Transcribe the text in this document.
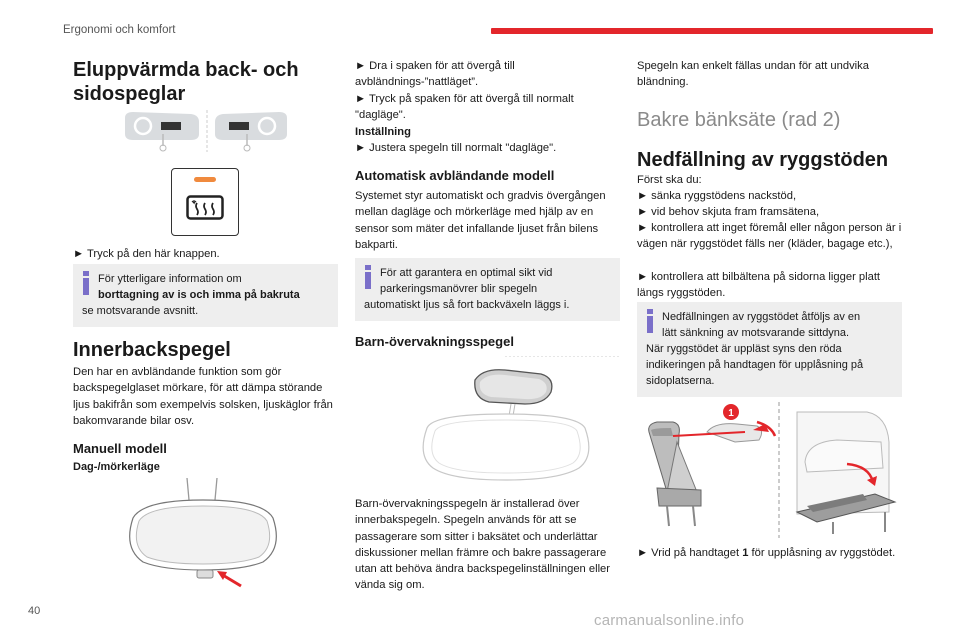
Ergonomi och komfort
40
carmanualsonline.info
Eluppvärmda back- och sidospeglar

► Tryck på den här knappen.

För ytterligare information om
borttagning av is och imma på bakruta
se motsvarande avsnitt.
Innerbackspegel

Den har en avbländande funktion som gör backspegelglaset mörkare, för att dämpa störande ljus bakifrån som exempelvis solsken, ljuskäglor från bakomvarande bilar osv.

Manuell modell

Dag-/mörkerläge

► Dra i spaken för att övergå till avbländnings-”nattläget”.

► Tryck på spaken för att övergå till normalt "dagläge".

Inställning

► Justera spegeln till normalt "dagläge".

Automatisk avbländande modell

Systemet styr automatiskt och gradvis övergången mellan dagläge och mörkerläge med hjälp av en sensor som mäter det infallande ljuset från bilens bakparti.

För att garantera en optimal sikt vid
parkeringsmanövrer blir spegeln
automatiskt ljus så fort backväxeln läggs i.
Barn-övervakningsspegel

Barn-övervakningsspegeln är installerad över innerbakspegeln. Spegeln används för att se passagerare som sitter i baksätet och underlättar diskussioner mellan främre och bakre passagerare utan att behöva ändra backspegelinställningen eller vända sig om.

Spegeln kan enkelt fällas undan för att undvika bländning.

Bakre bänksäte (rad 2)
Nedfällning av ryggstöden

Först ska du:

► sänka ryggstödens nackstöd,

► vid behov skjuta fram framsätena,

► kontrollera att inget föremål eller någon person är i vägen när ryggstödet fälls ner (kläder, bagage etc.),

► kontrollera att bilbältena på sidorna ligger platt längs ryggstöden.

Nedfällningen av ryggstödet åtföljs av en
lätt sänkning av motsvarande sittdyna.
När ryggstödet är uppläst syns den röda indikeringen på handtagen för upplåsning på sidoplatserna.
1

► Vrid på handtaget 1 för upplåsning av ryggstödet.
